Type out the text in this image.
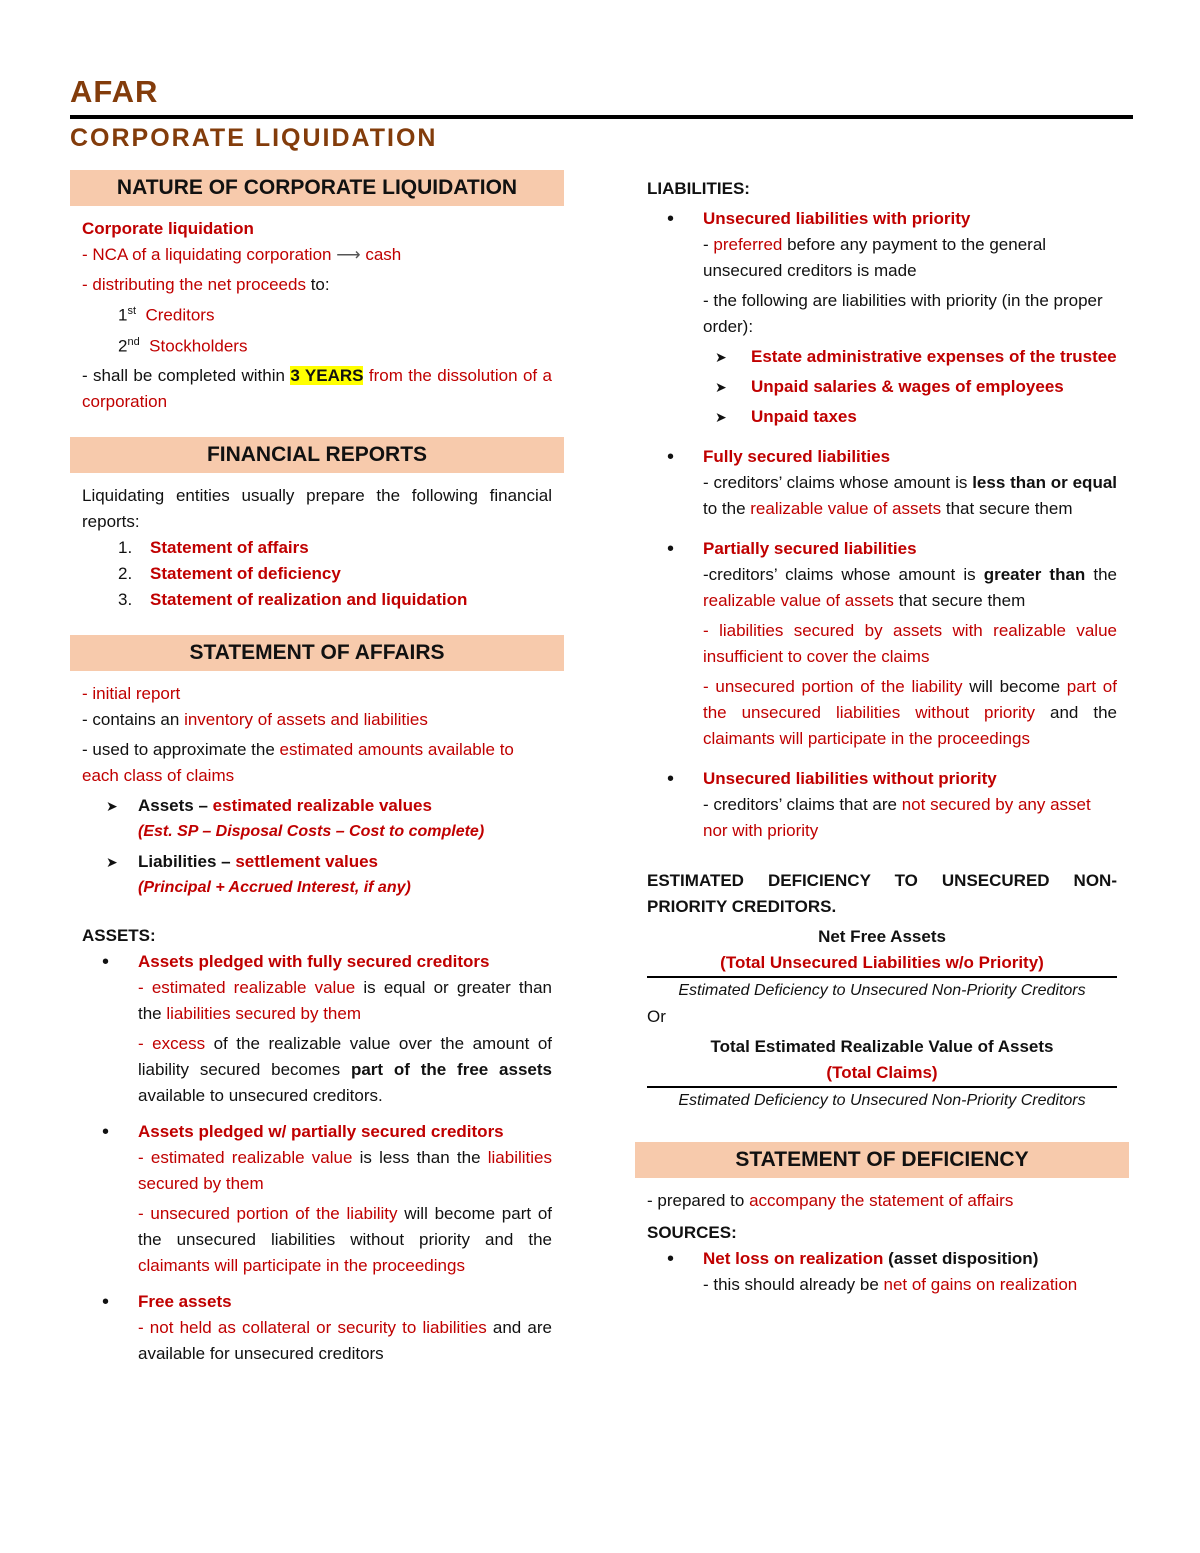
AFAR
CORPORATE LIQUIDATION
NATURE OF CORPORATE LIQUIDATION
Corporate liquidation
- NCA of a liquidating corporation ⟶ cash
- distributing the net proceeds to:
1st Creditors
2nd Stockholders
- shall be completed within 3 YEARS from the dissolution of a corporation
FINANCIAL REPORTS
Liquidating entities usually prepare the following financial reports:
1.	Statement of affairs
2.	Statement of deficiency
3.	Statement of realization and liquidation
STATEMENT OF AFFAIRS
- initial report
- contains an inventory of assets and liabilities
- used to approximate the estimated amounts available to each class of claims
➤	Assets – estimated realizable values
(Est. SP – Disposal Costs – Cost to complete)
➤	Liabilities – settlement values
(Principal + Accrued Interest, if any)
ASSETS:
•	Assets pledged with fully secured creditors
- estimated realizable value is equal or greater than the liabilities secured by them
- excess of the realizable value over the amount of liability secured becomes part of the free assets available to unsecured creditors.
•	Assets pledged w/ partially secured creditors
- estimated realizable value is less than the liabilities secured by them
- unsecured portion of the liability will become part of the unsecured liabilities without priority and the claimants will participate in the proceedings
•	Free assets
- not held as collateral or security to liabilities and are available for unsecured creditors
LIABILITIES:
•	Unsecured liabilities with priority
- preferred before any payment to the general unsecured creditors is made
- the following are liabilities with priority (in the proper order):
➤	Estate administrative expenses of the trustee
➤	Unpaid salaries & wages of employees
➤	Unpaid taxes
•	Fully secured liabilities
- creditors’ claims whose amount is less than or equal to the realizable value of assets that secure them
•	Partially secured liabilities
-creditors’ claims whose amount is greater than the realizable value of assets that secure them
- liabilities secured by assets with realizable value insufficient to cover the claims
- unsecured portion of the liability will become part of the unsecured liabilities without priority and the claimants will participate in the proceedings
•	Unsecured liabilities without priority
- creditors’ claims that are not secured by any asset nor with priority
ESTIMATED DEFICIENCY TO UNSECURED NON-PRIORITY CREDITORS.
Net Free Assets
(Total Unsecured Liabilities w/o Priority)
Estimated Deficiency to Unsecured Non-Priority Creditors
Or
Total Estimated Realizable Value of Assets
(Total Claims)
Estimated Deficiency to Unsecured Non-Priority Creditors
STATEMENT OF DEFICIENCY
- prepared to accompany the statement of affairs
SOURCES:
•	Net loss on realization (asset disposition)
- this should already be net of gains on realization
